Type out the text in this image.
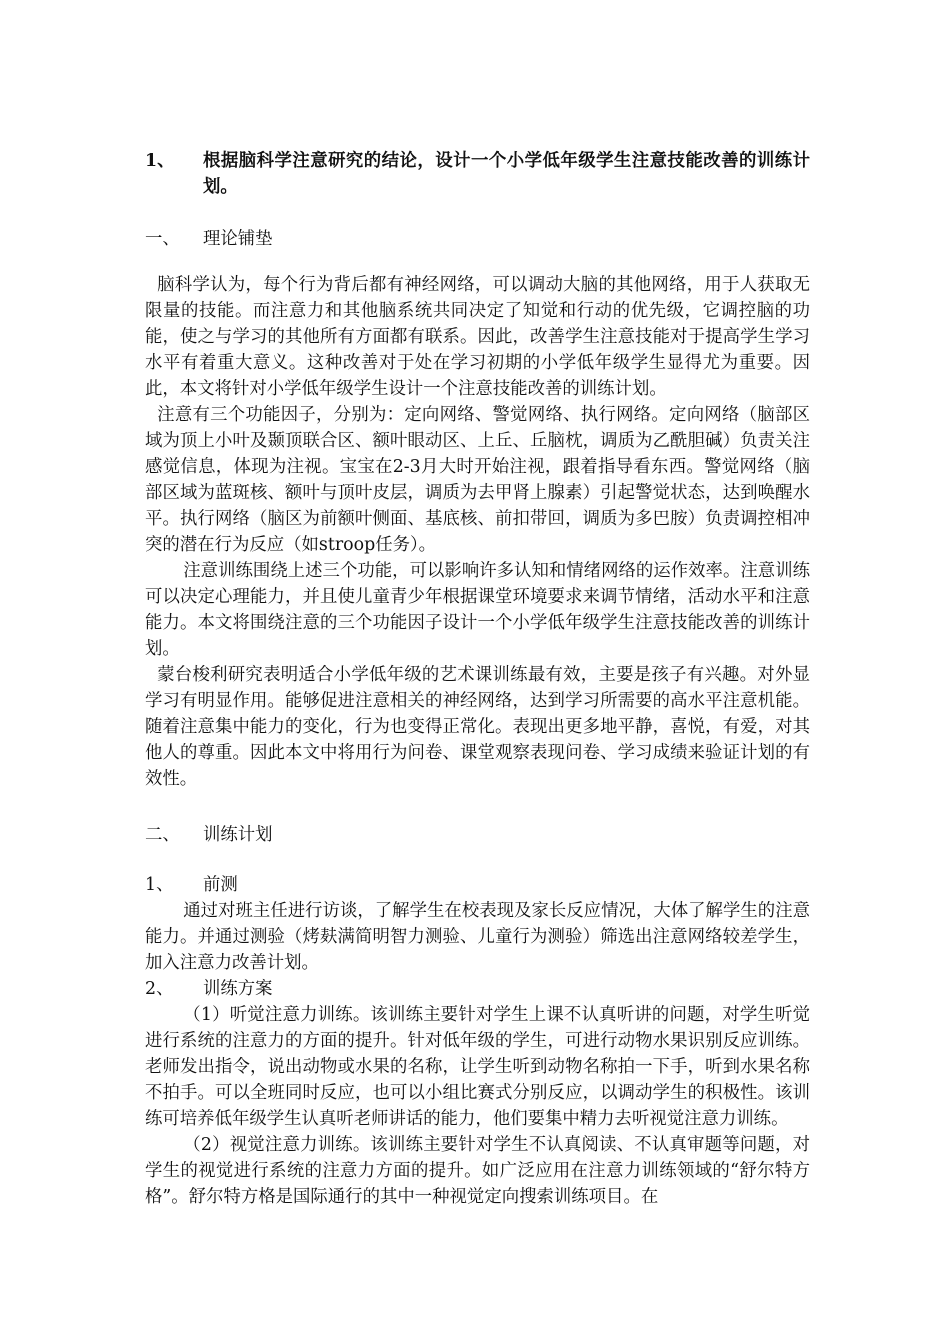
1、	根据脑科学注意研究的结论，设计一个小学低年级学生注意技能改善的训练计划。
一、 理论铺垫

脑科学认为，每个行为背后都有神经网络，可以调动大脑的其他网络，用于人获取无限量的技能。而注意力和其他脑系统共同决定了知觉和行动的优先级，它调控脑的功能，使之与学习的其他所有方面都有联系。因此，改善学生注意技能对于提高学生学习水平有着重大意义。这种改善对于处在学习初期的小学低年级学生显得尤为重要。因此，本文将针对小学低年级学生设计一个注意技能改善的训练计划。

注意有三个功能因子，分别为：定向网络、警觉网络、执行网络。定向网络（脑部区域为顶上小叶及颞顶联合区、额叶眼动区、上丘、丘脑枕，调质为乙酰胆碱）负责关注感觉信息，体现为注视。宝宝在2-3月大时开始注视，跟着指导看东西。警觉网络（脑部区域为蓝斑核、额叶与顶叶皮层，调质为去甲肾上腺素）引起警觉状态，达到唤醒水平。执行网络（脑区为前额叶侧面、基底核、前扣带回，调质为多巴胺）负责调控相冲突的潜在行为反应（如stroop任务）。

注意训练围绕上述三个功能，可以影响许多认知和情绪网络的运作效率。注意训练可以决定心理能力，并且使儿童青少年根据课堂环境要求来调节情绪，活动水平和注意能力。本文将围绕注意的三个功能因子设计一个小学低年级学生注意技能改善的训练计划。

蒙台梭利研究表明适合小学低年级的艺术课训练最有效，主要是孩子有兴趣。对外显学习有明显作用。能够促进注意相关的神经网络，达到学习所需要的高水平注意机能。随着注意集中能力的变化，行为也变得正常化。表现出更多地平静，喜悦，有爱，对其他人的尊重。因此本文中将用行为问卷、课堂观察表现问卷、学习成绩来验证计划的有效性。

二、 训练计划
1、 前测

通过对班主任进行访谈，了解学生在校表现及家长反应情况，大体了解学生的注意能力。并通过测验（烤麸满简明智力测验、儿童行为测验）筛选出注意网络较差学生，加入注意力改善计划。

2、 训练方案

（1）听觉注意力训练。该训练主要针对学生上课不认真听讲的问题，对学生听觉进行系统的注意力的方面的提升。针对低年级的学生，可进行动物水果识别反应训练。老师发出指令，说出动物或水果的名称，让学生听到动物名称拍一下手，听到水果名称不拍手。可以全班同时反应，也可以小组比赛式分别反应，以调动学生的积极性。该训练可培养低年级学生认真听老师讲话的能力，他们要集中精力去听视觉注意力训练。

（2）视觉注意力训练。该训练主要针对学生不认真阅读、不认真审题等问题，对学生的视觉进行系统的注意力方面的提升。如广泛应用在注意力训练领域的“舒尔特方格”。舒尔特方格是国际通行的其中一种视觉定向搜索训练项目。在
